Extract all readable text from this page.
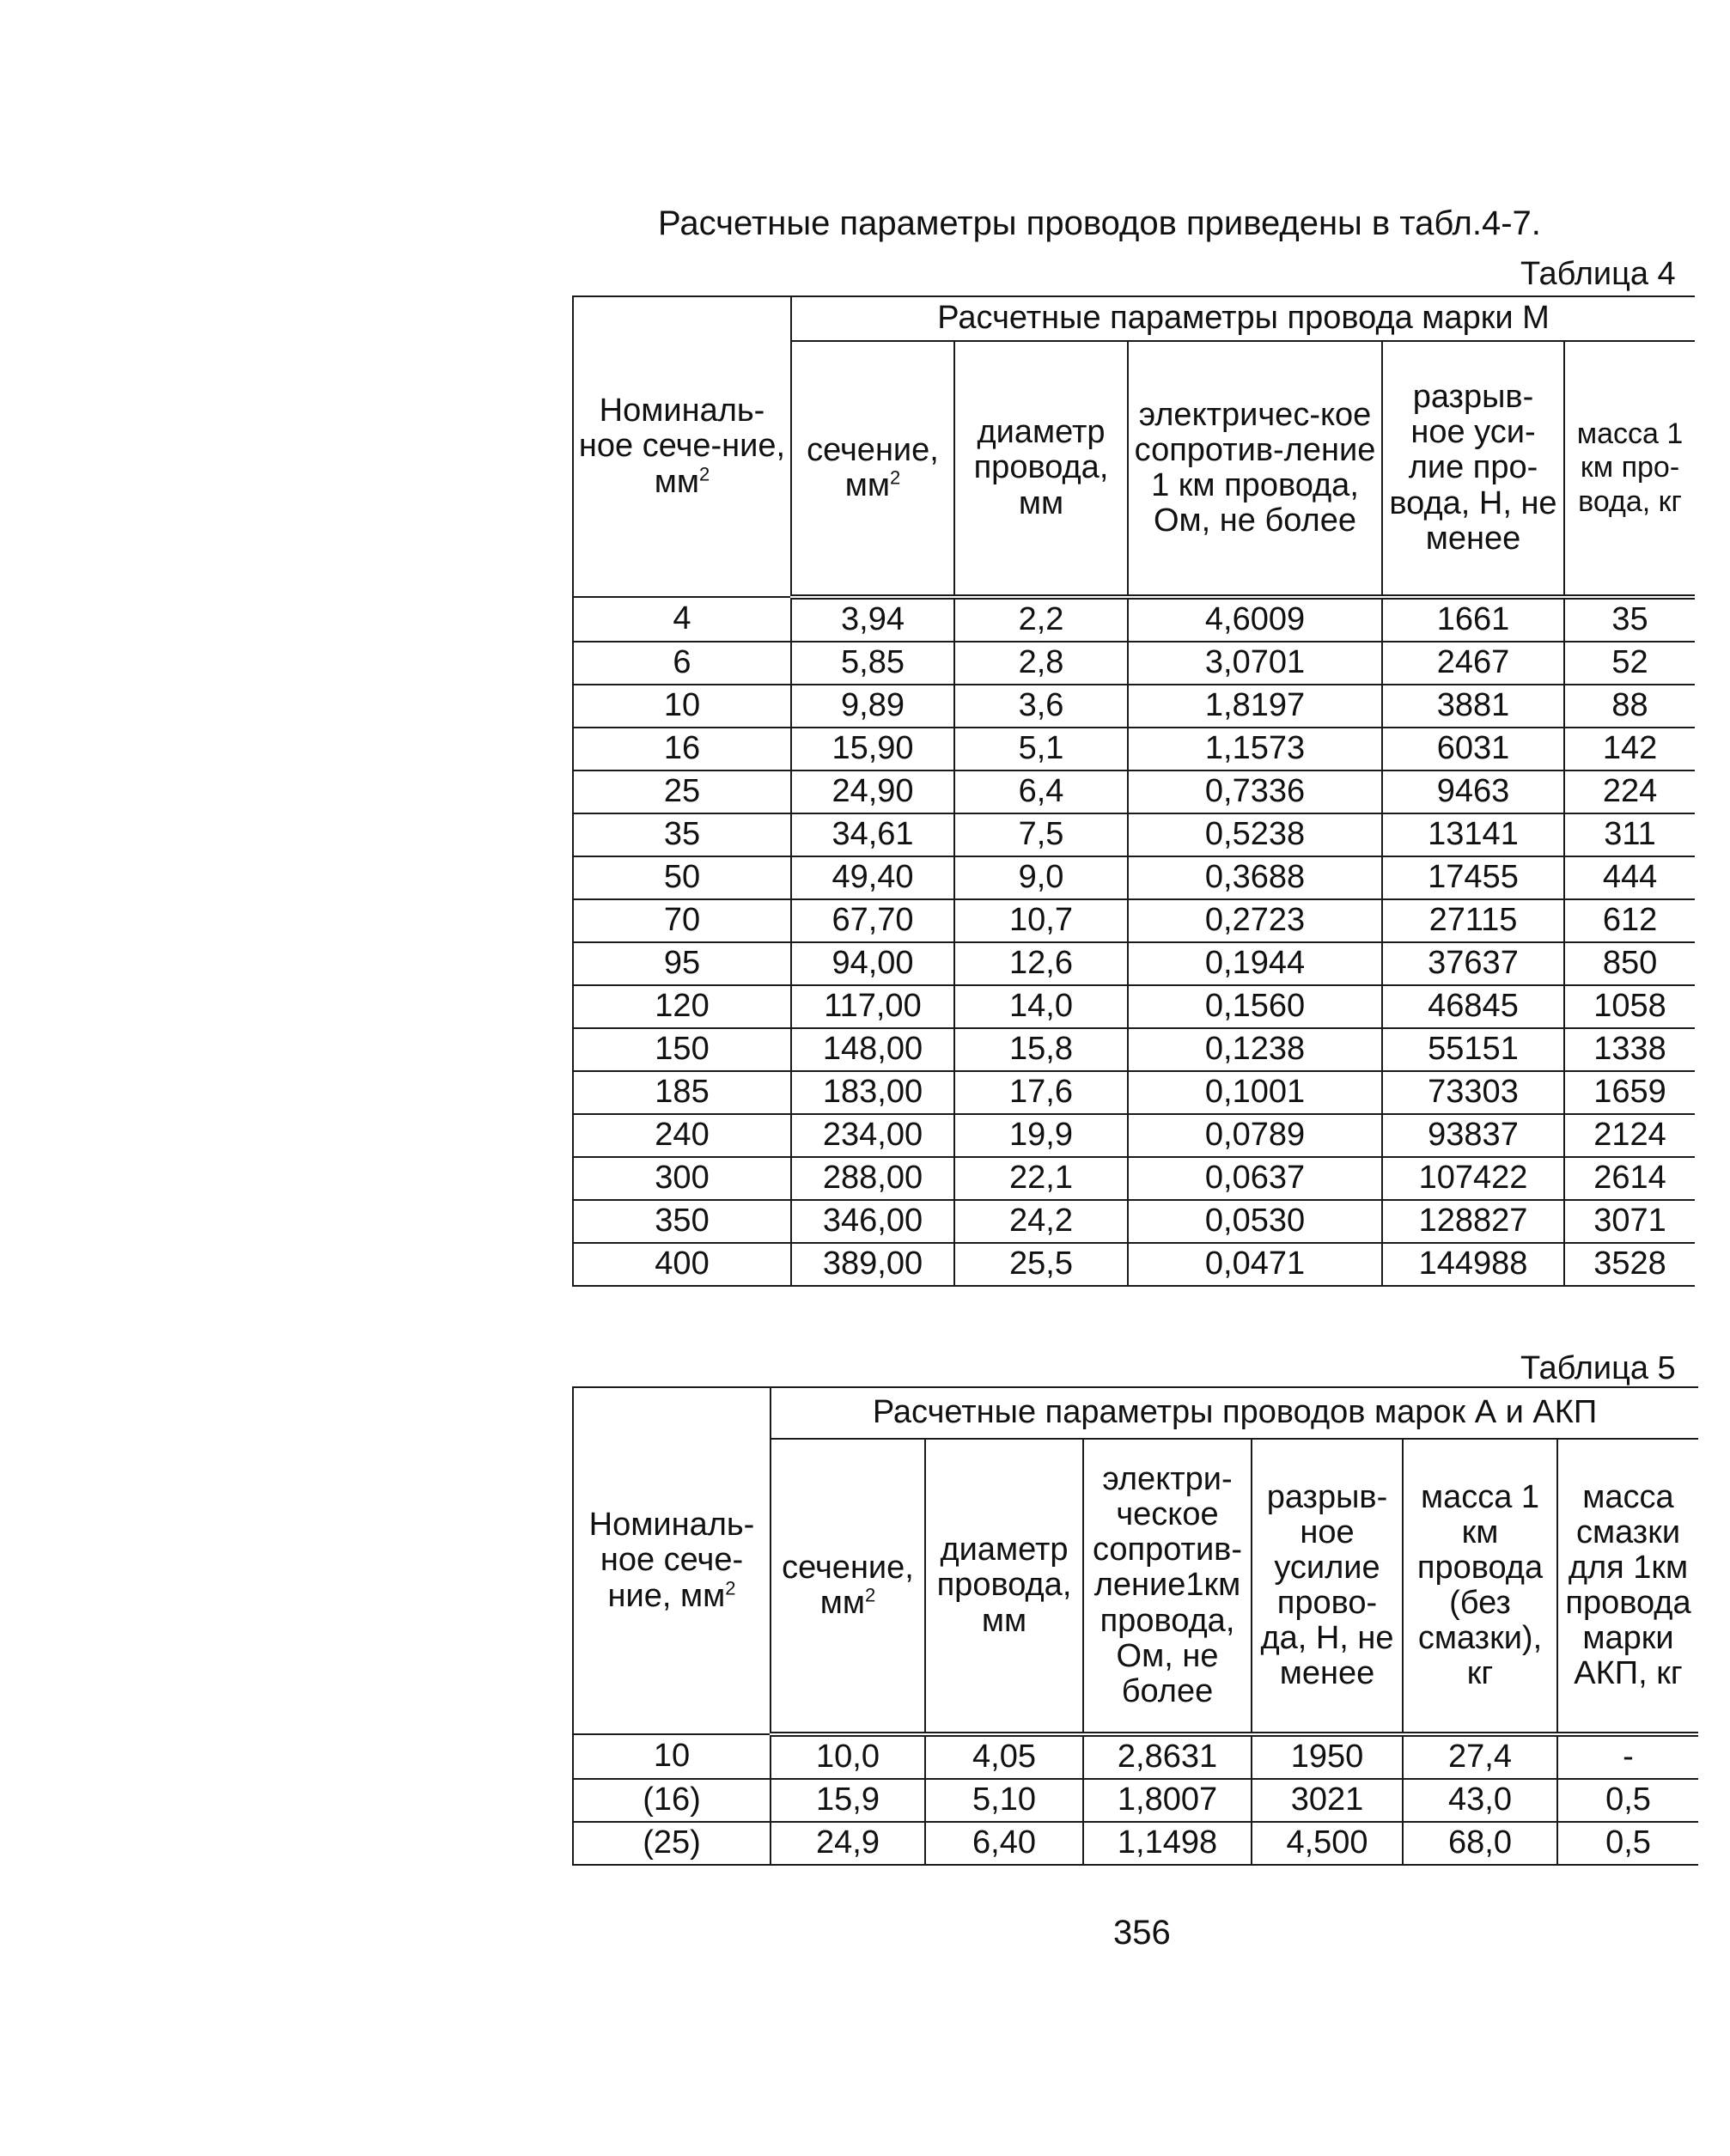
Расчетные параметры проводов приведены в табл.4-7.
Таблица 4
Номиналь-ное сече-ние, $мм^2$	Расчетные параметры провода марки М				
	сечение, $мм^2$	диаметр провода, мм	электричес-кое сопротив-ление 1 км провода, Ом, не более	разрыв-ное уси-лие про-вода, Н, не менее	масса 1 км про-вода, кг
4	3,94	2,2	4,6009	1661	35
6	5,85	2,8	3,0701	2467	52
10	9,89	3,6	1,8197	3881	88
16	15,90	5,1	1,1573	6031	142
25	24,90	6,4	0,7336	9463	224
35	34,61	7,5	0,5238	13141	311
50	49,40	9,0	0,3688	17455	444
70	67,70	10,7	0,2723	27115	612
95	94,00	12,6	0,1944	37637	850
120	117,00	14,0	0,1560	46845	1058
150	148,00	15,8	0,1238	55151	1338
185	183,00	17,6	0,1001	73303	1659
240	234,00	19,9	0,0789	93837	2124
300	288,00	22,1	0,0637	107422	2614
350	346,00	24,2	0,0530	128827	3071
400	389,00	25,5	0,0471	144988	3528
Таблица 5
Номиналь-ное сече-ние, $мм^2$	Расчетные параметры проводов марок А и АКП					
	сечение, $мм^2$	диаметр провода, мм	электри-ческое сопротив-ление1км провода, Ом, не более	разрыв-ное усилие прово-да, Н, не менее	масса 1 км провода (без смазки), кг	масса смазки для 1км провода марки АКП, кг
10	10,0	4,05	2,8631	1950	27,4	-
(16)	15,9	5,10	1,8007	3021	43,0	0,5
(25)	24,9	6,40	1,1498	4,500	68,0	0,5
356
